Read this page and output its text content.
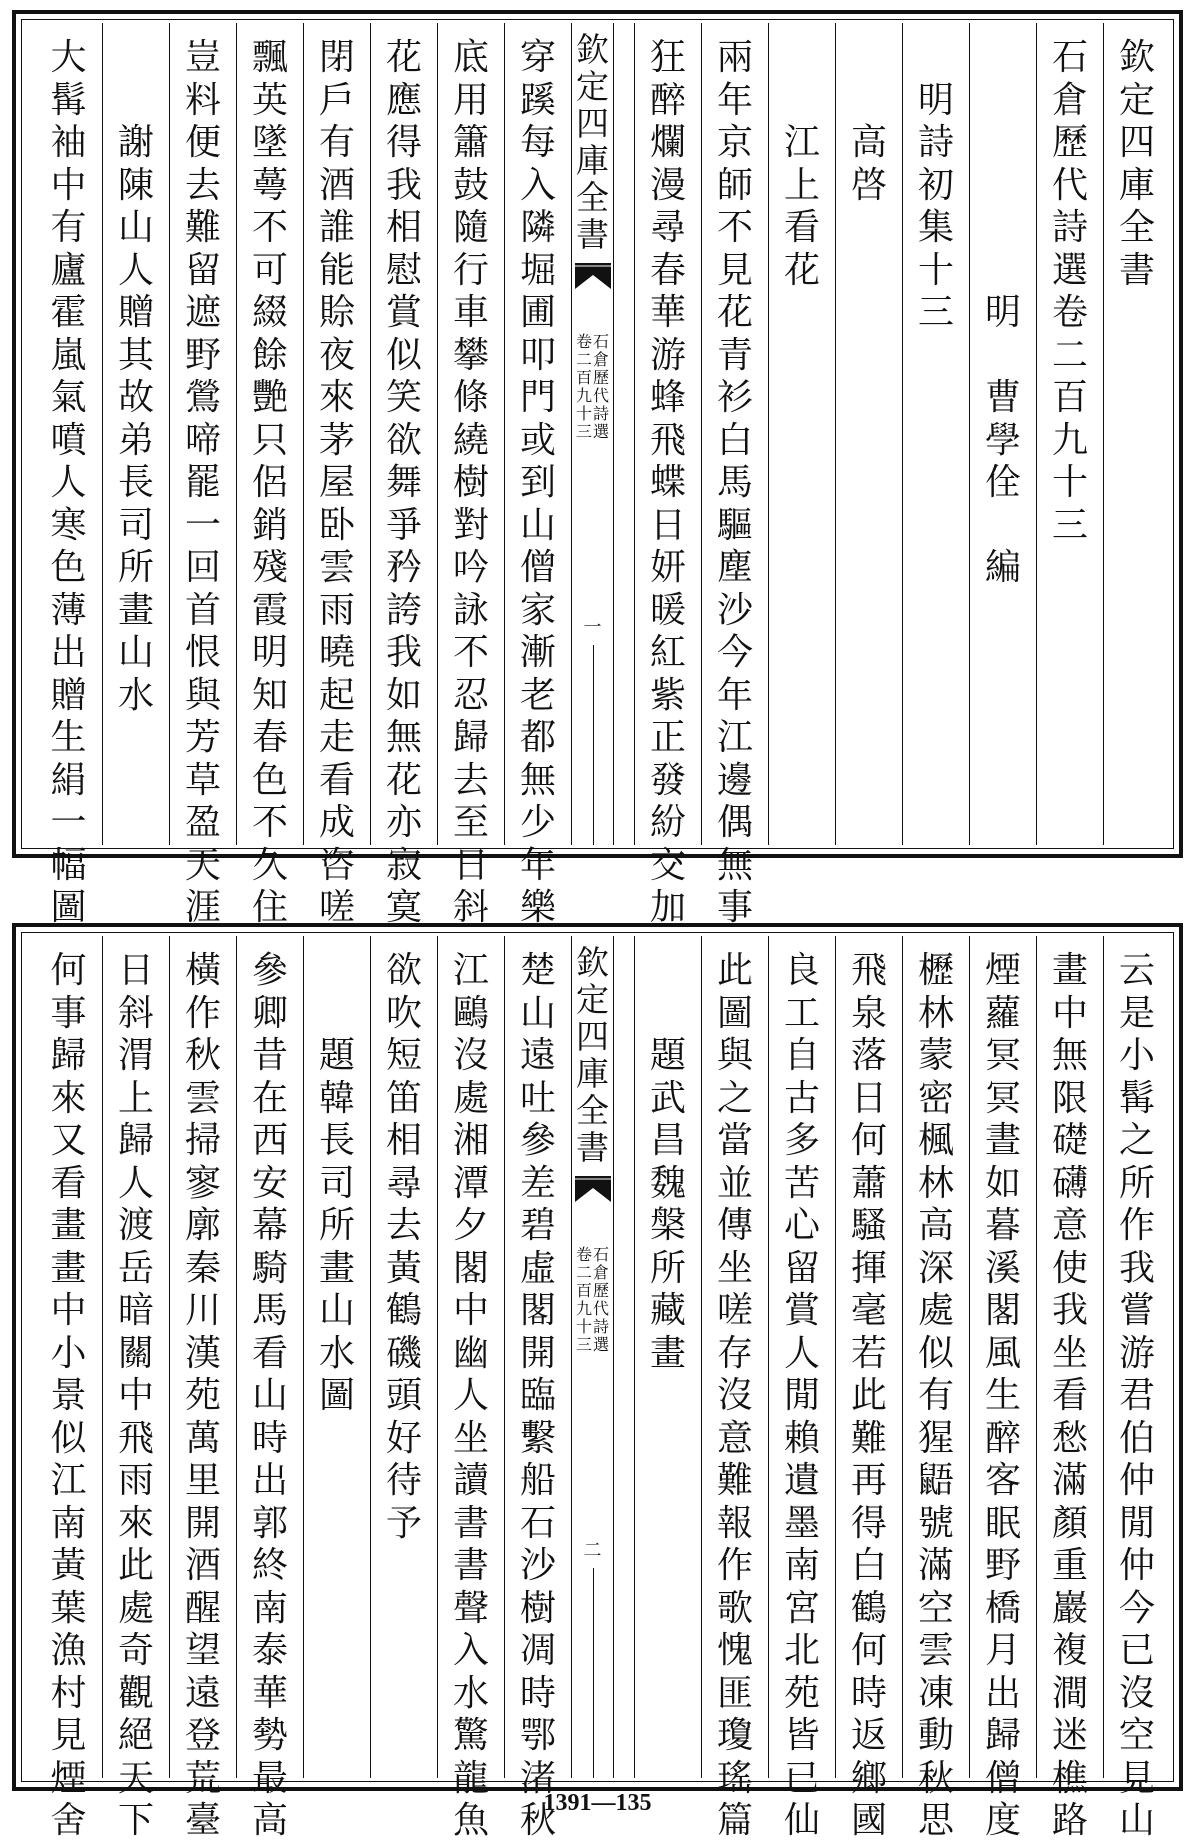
欽
定
四
庫
全
書
石
倉
歷
代
詩
選
卷
二
百
九
十
三

明

曹
學
佺

編

明
詩
初
集
十
三

高
啓

江
上
看
花
兩
年
京
師
不
見
花
青
衫
白
馬
驅
塵
沙
今
年
江
邊
偶
無
事
狂
醉
爛
漫
尋
春
華
游
蜂
飛
蝶
日
妍
暖
紅
紫
正
發
紛
交
加
欽
定
四
庫
全
書
石
倉
歷
代
詩
選
卷
二
百
九
十
三
一
穿
蹊
每
入
隣
堀
圃
叩
門
或
到
山
僧
家
漸
老
都
無
少
年
樂
底
用
簫
鼓
隨
行
車
攀
條
繞
樹
對
吟
詠
不
忍
歸
去
至
日
斜
花
應
得
我
相
慰
賞
似
笑
欲
舞
爭
矜
誇
我
如
無
花
亦
寂
寞
閉
戶
有
酒
誰
能
賒
夜
來
茅
屋
卧
雲
雨
曉
起
走
看
成
咨
嗟
飄
英
墜
蕚
不
可
綴
餘
艷
只
侶
銷
殘
霞
明
知
春
色
不
久
住
豈
料
便
去
難
留
遮
野
鶯
啼
罷
一
回
首
恨
與
芳
草
盈
天
涯

謝
陳
山
人
贈
其
故
弟
長
司
所
畫
山
水
大
髯
袖
中
有
廬
霍
嵐
氣
噴
人
寒
色
薄
出
贈
生
絹
一
幅
圖
云
是
小
髯
之
所
作
我
嘗
游
君
伯
仲
閒
仲
今
已
沒
空
見
山
畫
中
無
限
礎
礴
意
使
我
坐
看
愁
滿
顏
重
巖
複
澗
迷
樵
路
煙
蘿
冥
冥
晝
如
暮
溪
閣
風
生
醉
客
眠
野
橋
月
出
歸
僧
度
櫪
林
蒙
密
楓
林
高
深
處
似
有
猩
鼯
號
滿
空
雲
凍
動
秋
思
飛
泉
落
日
何
蕭
騷
揮
毫
若
此
難
再
得
白
鶴
何
時
返
鄉
國
良
工
自
古
多
苦
心
留
賞
人
閒
賴
遺
墨
南
宮
北
苑
皆
已
仙
此
圖
與
之
當
並
傳
坐
嗟
存
沒
意
難
報
作
歌
愧
匪
瓊
瑤
篇

題
武
昌
魏
槃
所
藏
畫
欽
定
四
庫
全
書
石
倉
歷
代
詩
選
卷
二
百
九
十
三
二
楚
山
遠
吐
參
差
碧
虛
閣
開
臨
繫
船
石
沙
樹
凋
時
鄂
渚
秋
江
鷗
沒
處
湘
潭
夕
閣
中
幽
人
坐
讀
書
書
聲
入
水
驚
龍
魚
欲
吹
短
笛
相
尋
去
黃
鶴
磯
頭
好
待
予

題
韓
長
司
所
畫
山
水
圖
參
卿
昔
在
西
安
幕
騎
馬
看
山
時
出
郭
終
南
泰
華
勢
最
高
橫
作
秋
雲
掃
寥
廓
秦
川
漢
苑
萬
里
開
酒
醒
望
遠
登
荒
臺
日
斜
渭
上
歸
人
渡
岳
暗
關
中
飛
雨
來
此
處
奇
觀
絕
天
下
何
事
歸
來
又
看
畫
畫
中
小
景
似
江
南
黃
葉
漁
村
見
煙
舍	1391—135
